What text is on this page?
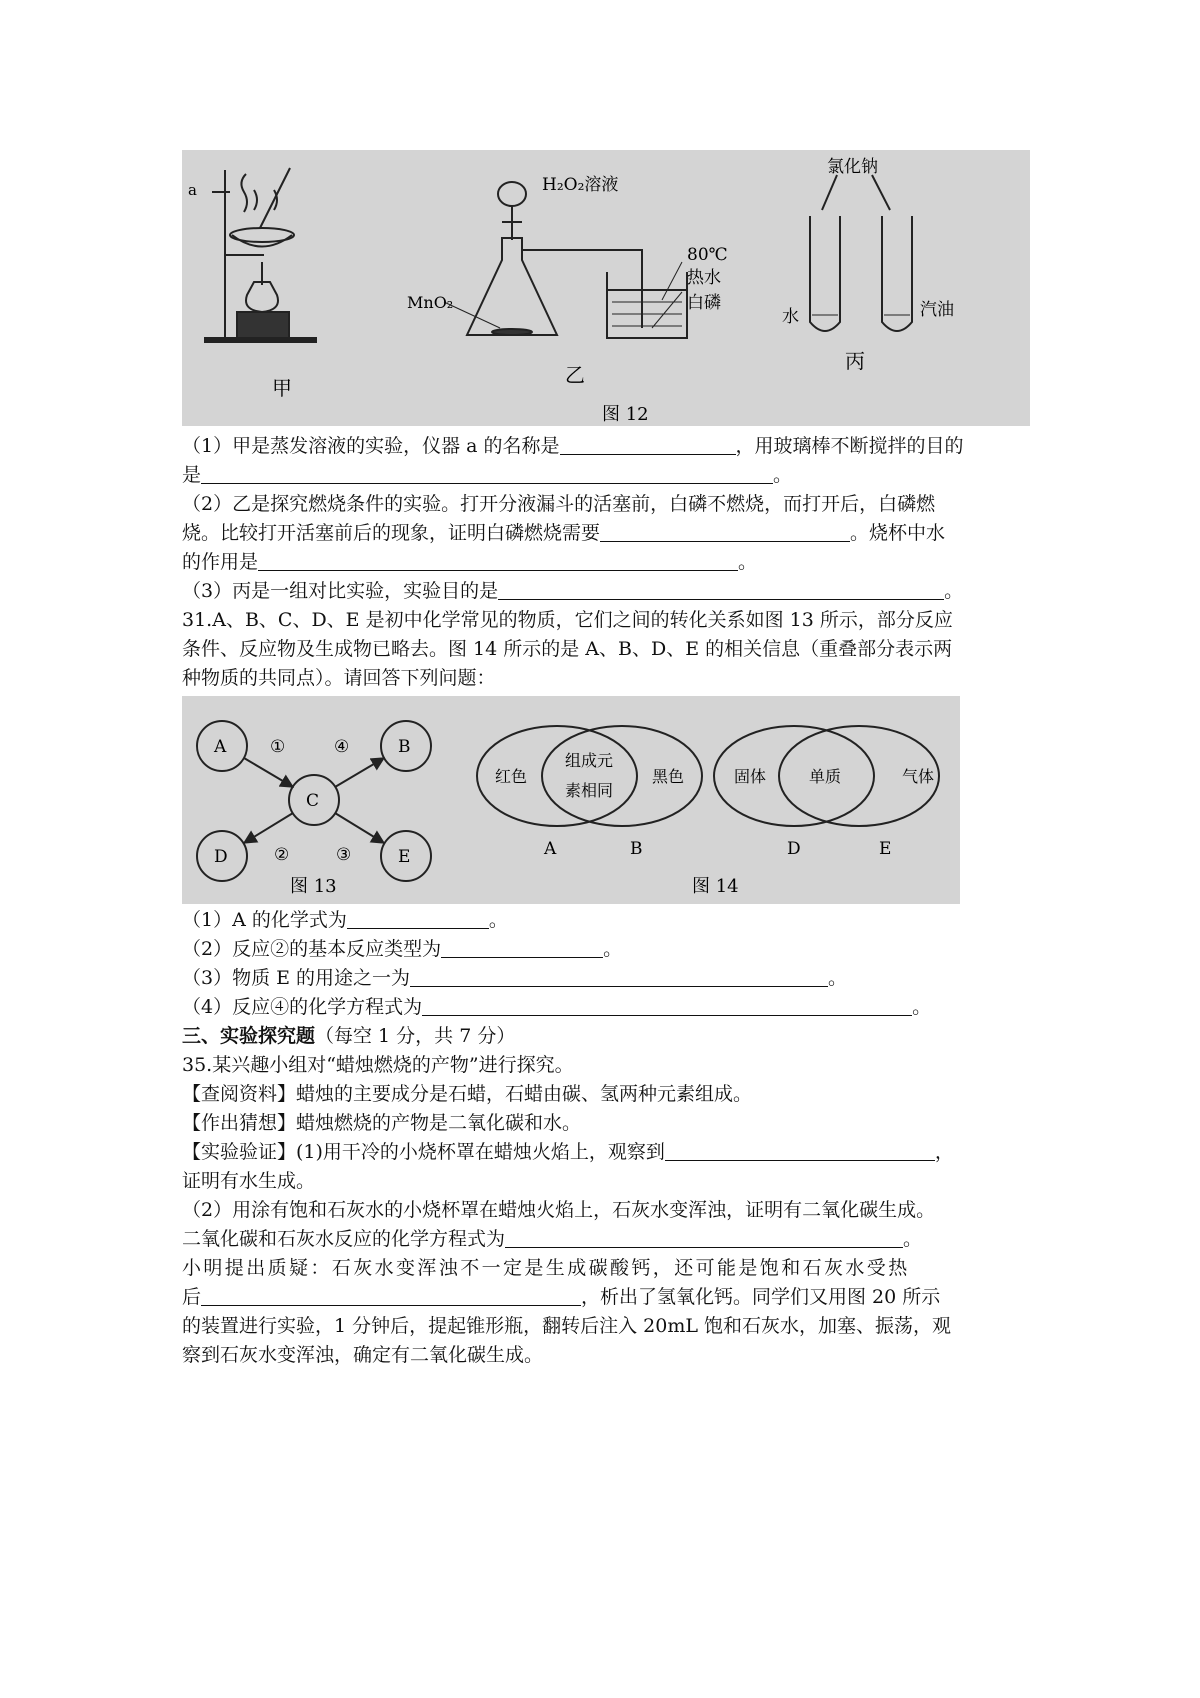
a
甲
H₂O₂溶液
MnO₂
80℃
热水
白磷
乙
图 12
氯化钠
水	汽油
丙
（1）甲是蒸发溶液的实验，仪器 a 的名称是	，用玻璃棒不断搅拌的目的
是	。
（2）乙是探究燃烧条件的实验。打开分液漏斗的活塞前，白磷不燃烧，而打开后，白磷燃
烧。比较打开活塞前后的现象，证明白磷燃烧需要	。烧杯中水
的作用是	。
（3）丙是一组对比实验，实验目的是	。
31.A、B、C、D、E 是初中化学常见的物质，它们之间的转化关系如图 13 所示，部分反应
条件、反应物及生成物已略去。图 14 所示的是 A、B、D、E 的相关信息（重叠部分表示两
种物质的共同点）。请回答下列问题：
A	B
C
D	E
①
②	③
④
图 13
红色
组成元
素相同
黑色
A	B
固体	单质	气体
D	E
图 14
（1）A 的化学式为	。
（2）反应②的基本反应类型为	。
（3）物质 E 的用途之一为	。
（4）反应④的化学方程式为	。
三、实验探究题（每空 1 分，共 7 分）
35.某兴趣小组对“蜡烛燃烧的产物”进行探究。
【查阅资料】蜡烛的主要成分是石蜡，石蜡由碳、氢两种元素组成。
【作出猜想】蜡烛燃烧的产物是二氧化碳和水。
【实验验证】(1)用干冷的小烧杯罩在蜡烛火焰上，观察到	，
证明有水生成。
（2）用涂有饱和石灰水的小烧杯罩在蜡烛火焰上，石灰水变浑浊，证明有二氧化碳生成。
二氧化碳和石灰水反应的化学方程式为	。
小明提出质疑：石灰水变浑浊不一定是生成碳酸钙，还可能是饱和石灰水受热
后	，析出了氢氧化钙。同学们又用图 20 所示
的装置进行实验，1 分钟后，提起锥形瓶，翻转后注入 20mL 饱和石灰水，加塞、振荡，观
察到石灰水变浑浊，确定有二氧化碳生成。
